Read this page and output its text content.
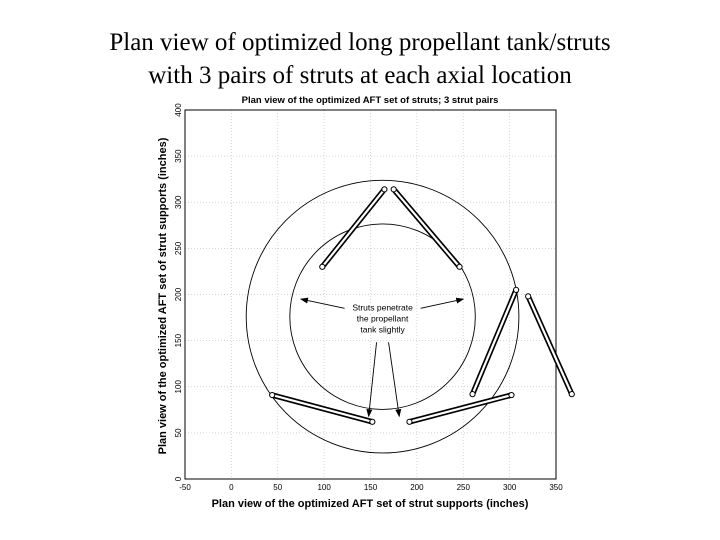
Plan view of optimized long propellant tank/struts
with 3 pairs of struts at each axial location
-50	0	50	100	150	200	250	300	350
0
50
100
150
200
250
300
350
400
Struts penetrate
the propellant
tank slightly
Plan view of the optimized AFT set of struts; 3 strut pairs
Plan view of the optimized AFT set of strut supports (inches)
Plan view of the optimized AFT set of strut supports (inches)
